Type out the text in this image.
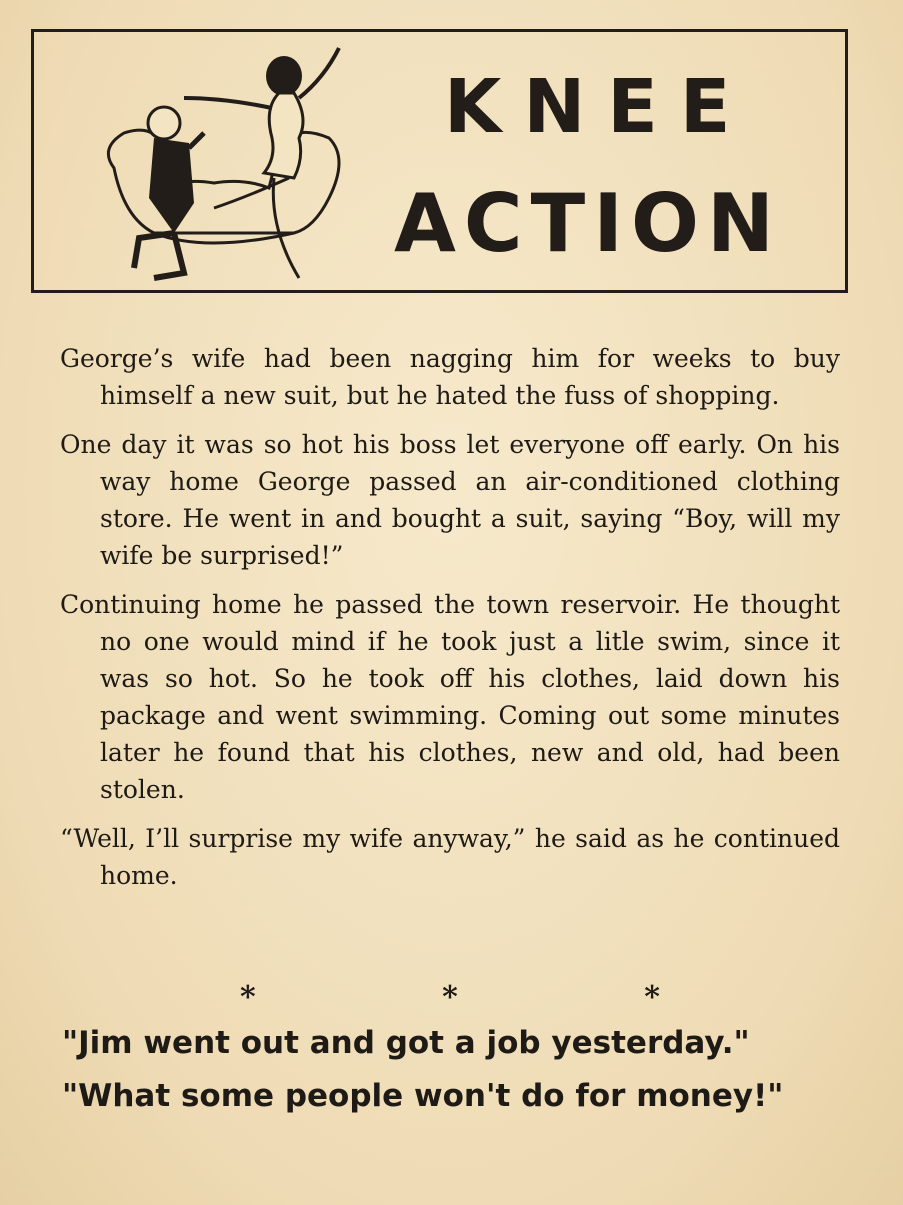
KNEE
ACTION

George’s wife had been nagging him for weeks to buy himself a new suit, but he hated the fuss of shopping.

One day it was so hot his boss let everyone off early. On his way home George passed an air-conditioned clothing store. He went in and bought a suit, saying “Boy, will my wife be surprised!”

Continuing home he passed the town reservoir. He thought no one would mind if he took just a litle swim, since it was so hot. So he took off his clothes, laid down his package and went swimming. Coming out some minutes later he found that his clothes, new and old, had been stolen.

“Well, I’ll surprise my wife anyway,” he said as he continued home.

*	*	*
"Jim went out and got a job yesterday."
"What some people won't do for money!"
